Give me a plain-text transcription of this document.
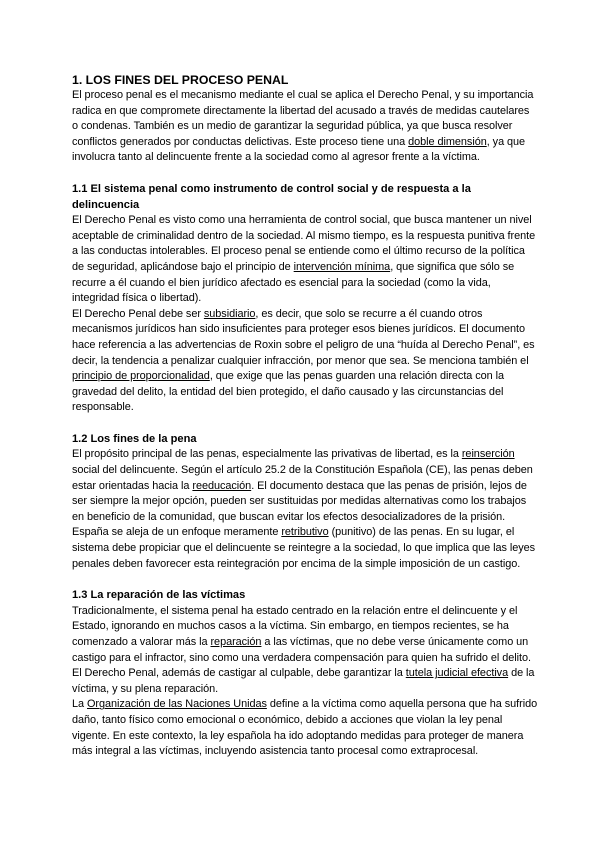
1. LOS FINES DEL PROCESO PENAL

El proceso penal es el mecanismo mediante el cual se aplica el Derecho Penal, y su importancia radica en que compromete directamente la libertad del acusado a través de medidas cautelares o condenas. También es un medio de garantizar la seguridad pública, ya que busca resolver conflictos generados por conductas delictivas. Este proceso tiene una doble dimensión, ya que involucra tanto al delincuente frente a la sociedad como al agresor frente a la víctima.

1.1 El sistema penal como instrumento de control social y de respuesta a la delincuencia

El Derecho Penal es visto como una herramienta de control social, que busca mantener un nivel aceptable de criminalidad dentro de la sociedad. Al mismo tiempo, es la respuesta punitiva frente a las conductas intolerables. El proceso penal se entiende como el último recurso de la política de seguridad, aplicándose bajo el principio de intervención mínima, que significa que sólo se recurre a él cuando el bien jurídico afectado es esencial para la sociedad (como la vida, integridad física o libertad).

El Derecho Penal debe ser subsidiario, es decir, que solo se recurre a él cuando otros mecanismos jurídicos han sido insuficientes para proteger esos bienes jurídicos. El documento hace referencia a las advertencias de Roxin sobre el peligro de una “huída al Derecho Penal”, es decir, la tendencia a penalizar cualquier infracción, por menor que sea. Se menciona también el principio de proporcionalidad, que exige que las penas guarden una relación directa con la gravedad del delito, la entidad del bien protegido, el daño causado y las circunstancias del responsable.

1.2 Los fines de la pena

El propósito principal de las penas, especialmente las privativas de libertad, es la reinserción social del delincuente. Según el artículo 25.2 de la Constitución Española (CE), las penas deben estar orientadas hacia la reeducación. El documento destaca que las penas de prisión, lejos de ser siempre la mejor opción, pueden ser sustituidas por medidas alternativas como los trabajos en beneficio de la comunidad, que buscan evitar los efectos desocializadores de la prisión.

España se aleja de un enfoque meramente retributivo (punitivo) de las penas. En su lugar, el sistema debe propiciar que el delincuente se reintegre a la sociedad, lo que implica que las leyes penales deben favorecer esta reintegración por encima de la simple imposición de un castigo.

1.3 La reparación de las víctimas

Tradicionalmente, el sistema penal ha estado centrado en la relación entre el delincuente y el Estado, ignorando en muchos casos a la víctima. Sin embargo, en tiempos recientes, se ha comenzado a valorar más la reparación a las víctimas, que no debe verse únicamente como un castigo para el infractor, sino como una verdadera compensación para quien ha sufrido el delito. El Derecho Penal, además de castigar al culpable, debe garantizar la tutela judicial efectiva de la víctima, y su plena reparación.

La Organización de las Naciones Unidas define a la víctima como aquella persona que ha sufrido daño, tanto físico como emocional o económico, debido a acciones que violan la ley penal vigente. En este contexto, la ley española ha ido adoptando medidas para proteger de manera más integral a las víctimas, incluyendo asistencia tanto procesal como extraprocesal.
